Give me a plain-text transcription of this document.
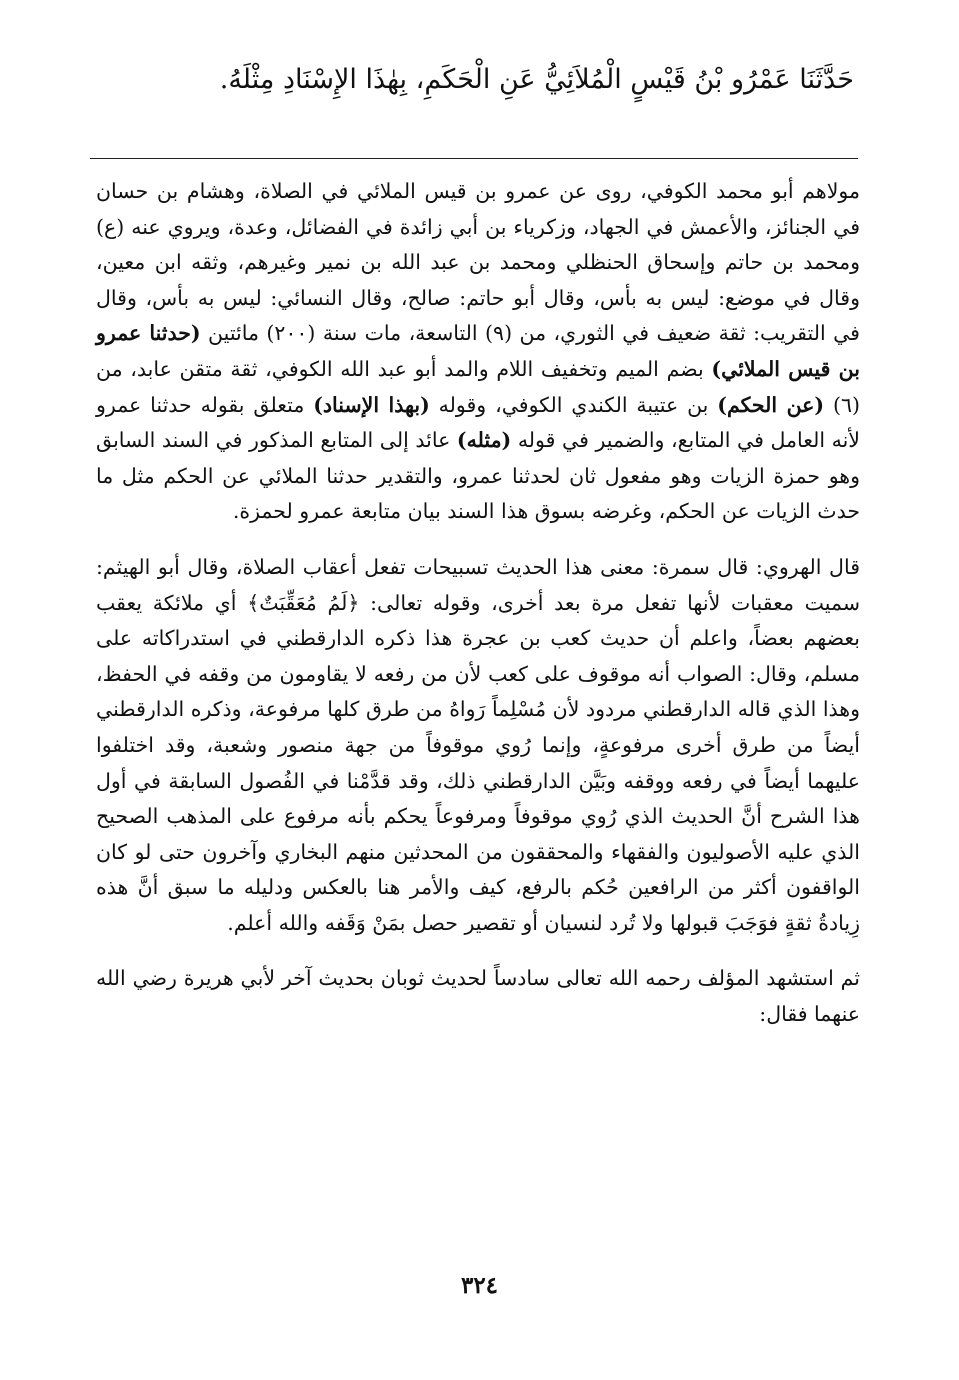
حَدَّثَنَا عَمْرُو بْنُ قَيْسٍ الْمُلاَئِيُّ عَنِ الْحَكَمِ، بِهٰذَا الإِسْنَادِ مِثْلَهُ.

مولاهم أبو محمد الكوفي، روى عن عمرو بن قيس الملائي في الصلاة، وهشام بن حسان في الجنائز، والأعمش في الجهاد، وزكرياء بن أبي زائدة في الفضائل، وعدة، ويروي عنه (ع) ومحمد بن حاتم وإسحاق الحنظلي ومحمد بن عبد الله بن نمير وغيرهم، وثقه ابن معين، وقال في موضع: ليس به بأس، وقال أبو حاتم: صالح، وقال النسائي: ليس به بأس، وقال في التقريب: ثقة ضعيف في الثوري، من (٩) التاسعة، مات سنة (٢٠٠) مائتين (حدثنا عمرو بن قيس الملائي) بضم الميم وتخفيف اللام والمد أبو عبد الله الكوفي، ثقة متقن عابد، من (٦) (عن الحكم) بن عتيبة الكندي الكوفي، وقوله (بهذا الإسناد) متعلق بقوله حدثنا عمرو لأنه العامل في المتابع، والضمير في قوله (مثله) عائد إلى المتابع المذكور في السند السابق وهو حمزة الزيات وهو مفعول ثان لحدثنا عمرو، والتقدير حدثنا الملائي عن الحكم مثل ما حدث الزيات عن الحكم، وغرضه بسوق هذا السند بيان متابعة عمرو لحمزة.

قال الهروي: قال سمرة: معنى هذا الحديث تسبيحات تفعل أعقاب الصلاة، وقال أبو الهيثم: سميت معقبات لأنها تفعل مرة بعد أخرى، وقوله تعالى: ﴿لَمُ مُعَقِّبَتٌ﴾ أي ملائكة يعقب بعضهم بعضاً، واعلم أن حديث كعب بن عجرة هذا ذكره الدارقطني في استدراكاته على مسلم، وقال: الصواب أنه موقوف على كعب لأن من رفعه لا يقاومون من وقفه في الحفظ، وهذا الذي قاله الدارقطني مردود لأن مُسْلِماً رَواهُ من طرق كلها مرفوعة، وذكره الدارقطني أيضاً من طرق أخرى مرفوعةٍ، وإنما رُوي موقوفاً من جهة منصور وشعبة، وقد اختلفوا عليهما أيضاً في رفعه ووقفه وبَيَّن الدارقطني ذلك، وقد قدَّمْنا في الفُصول السابقة في أول هذا الشرح أنَّ الحديث الذي رُوي موقوفاً ومرفوعاً يحكم بأنه مرفوع على المذهب الصحيح الذي عليه الأصوليون والفقهاء والمحققون من المحدثين منهم البخاري وآخرون حتى لو كان الواقفون أكثر من الرافعين حُكم بالرفع، كيف والأمر هنا بالعكس ودليله ما سبق أنَّ هذه زِيادةُ ثقةٍ فوَجَبَ قبولها ولا تُرد لنسيان أو تقصير حصل بمَنْ وَقَفه والله أعلم.

ثم استشهد المؤلف رحمه الله تعالى سادساً لحديث ثوبان بحديث آخر لأبي هريرة رضي الله عنهما فقال:

٣٢٤
